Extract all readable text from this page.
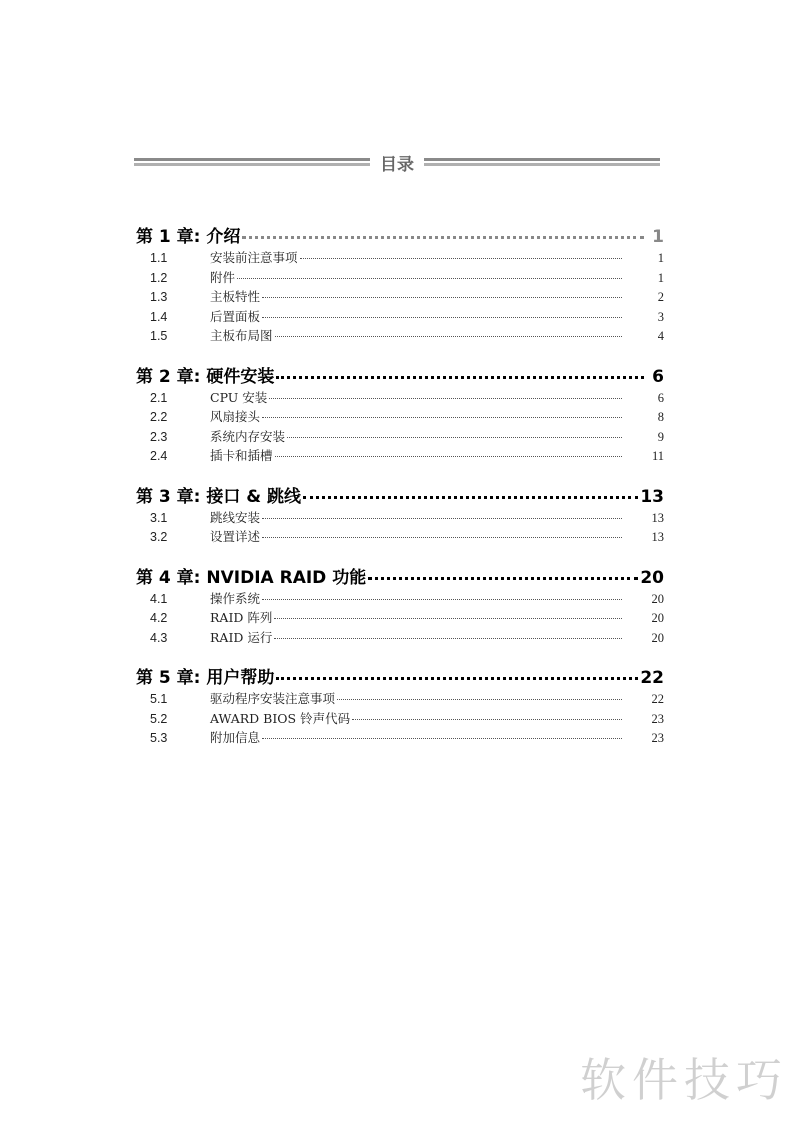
目录
第 1 章: 介绍	1
1.1	安装前注意事项	1
1.2	附件	1
1.3	主板特性	2
1.4	后置面板	3
1.5	主板布局图	4
第 2 章: 硬件安装	6
2.1	CPU 安装	6
2.2	风扇接头	8
2.3	系统内存安装	9
2.4	插卡和插槽	11
第 3 章: 接口 & 跳线	13
3.1	跳线安装	13
3.2	设置详述	13
第 4 章: NVIDIA RAID 功能	20
4.1	操作系统	20
4.2	RAID 阵列	20
4.3	RAID 运行	20
第 5 章: 用户帮助	22
5.1	驱动程序安装注意事项	22
5.2	AWARD BIOS 铃声代码	23
5.3	附加信息	23
软件技巧
